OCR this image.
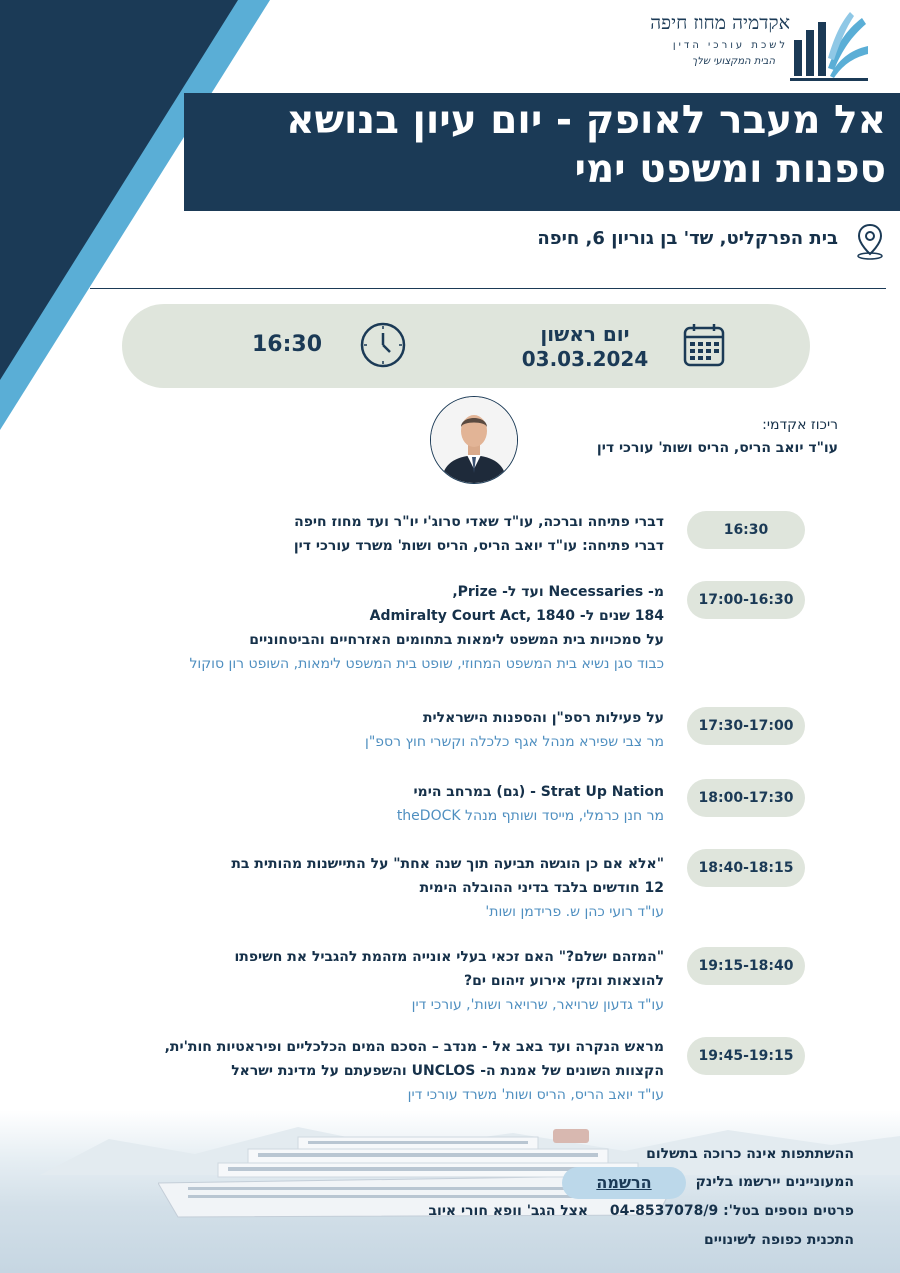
אקדמיה מחוז חיפה
לשכת עורכי הדין
הבית המקצועי שלך
אל מעבר לאופק - יום עיון בנושא
ספנות ומשפט ימי
בית הפרקליט, שד' בן גוריון 6, חיפה
יום ראשון
03.03.2024
16:30
ריכוז אקדמי:
עו"ד יואב הריס, הריס ושות' עורכי דין
16:30
דברי פתיחה וברכה, עו"ד שאדי סרוג'י יו"ר ועד מחוז חיפה
דברי פתיחה: עו"ד יואב הריס, הריס ושות' משרד עורכי דין
17:00-16:30
מ- Necessaries ועד ל- Prize,
184 שנים ל- 1840 ,Admiralty Court Act
על סמכויות בית המשפט לימאות בתחומים האזרחיים והביטחוניים
כבוד סגן נשיא בית המשפט המחוזי, שופט בית המשפט לימאות, השופט רון סוקול
17:30-17:00
על פעילות רספ"ן והספנות הישראלית
מר צבי שפירא מנהל אגף כלכלה וקשרי חוץ רספ"ן
18:00-17:30
Strat Up Nation - (גם) במרחב הימי
מר חנן כרמלי, מייסד ושותף מנהל theDOCK
18:40-18:15
"אלא אם כן הוגשה תביעה תוך שנה אחת" על התיישנות מהותית בת
12 חודשים בלבד בדיני ההובלה הימית
עו"ד רועי כהן ש. פרידמן ושות'
19:15-18:40
"המזהם ישלם?" האם זכאי בעלי אונייה מזהמת להגביל את חשיפתו
להוצאות ונזקי אירוע זיהום ים?
עו"ד גדעון שרויאר, שרויאר ושות', עורכי דין
19:45-19:15
מראש הנקרה ועד באב אל - מנדב – הסכם המים הכלכליים ופיראטיות חות'ית,
הקצוות השונים של אמנת ה- UNCLOS והשפעתם על מדינת ישראל
עו"ד יואב הריס, הריס ושות' משרד עורכי דין
ההשתתפות אינה כרוכה בתשלום
המעוניינים יירשמו בלינק
הרשמה
פרטים נוספים בטל': 04-8537078/9  אצל הגב' וופא חורי איוב
התכנית כפופה לשינויים
